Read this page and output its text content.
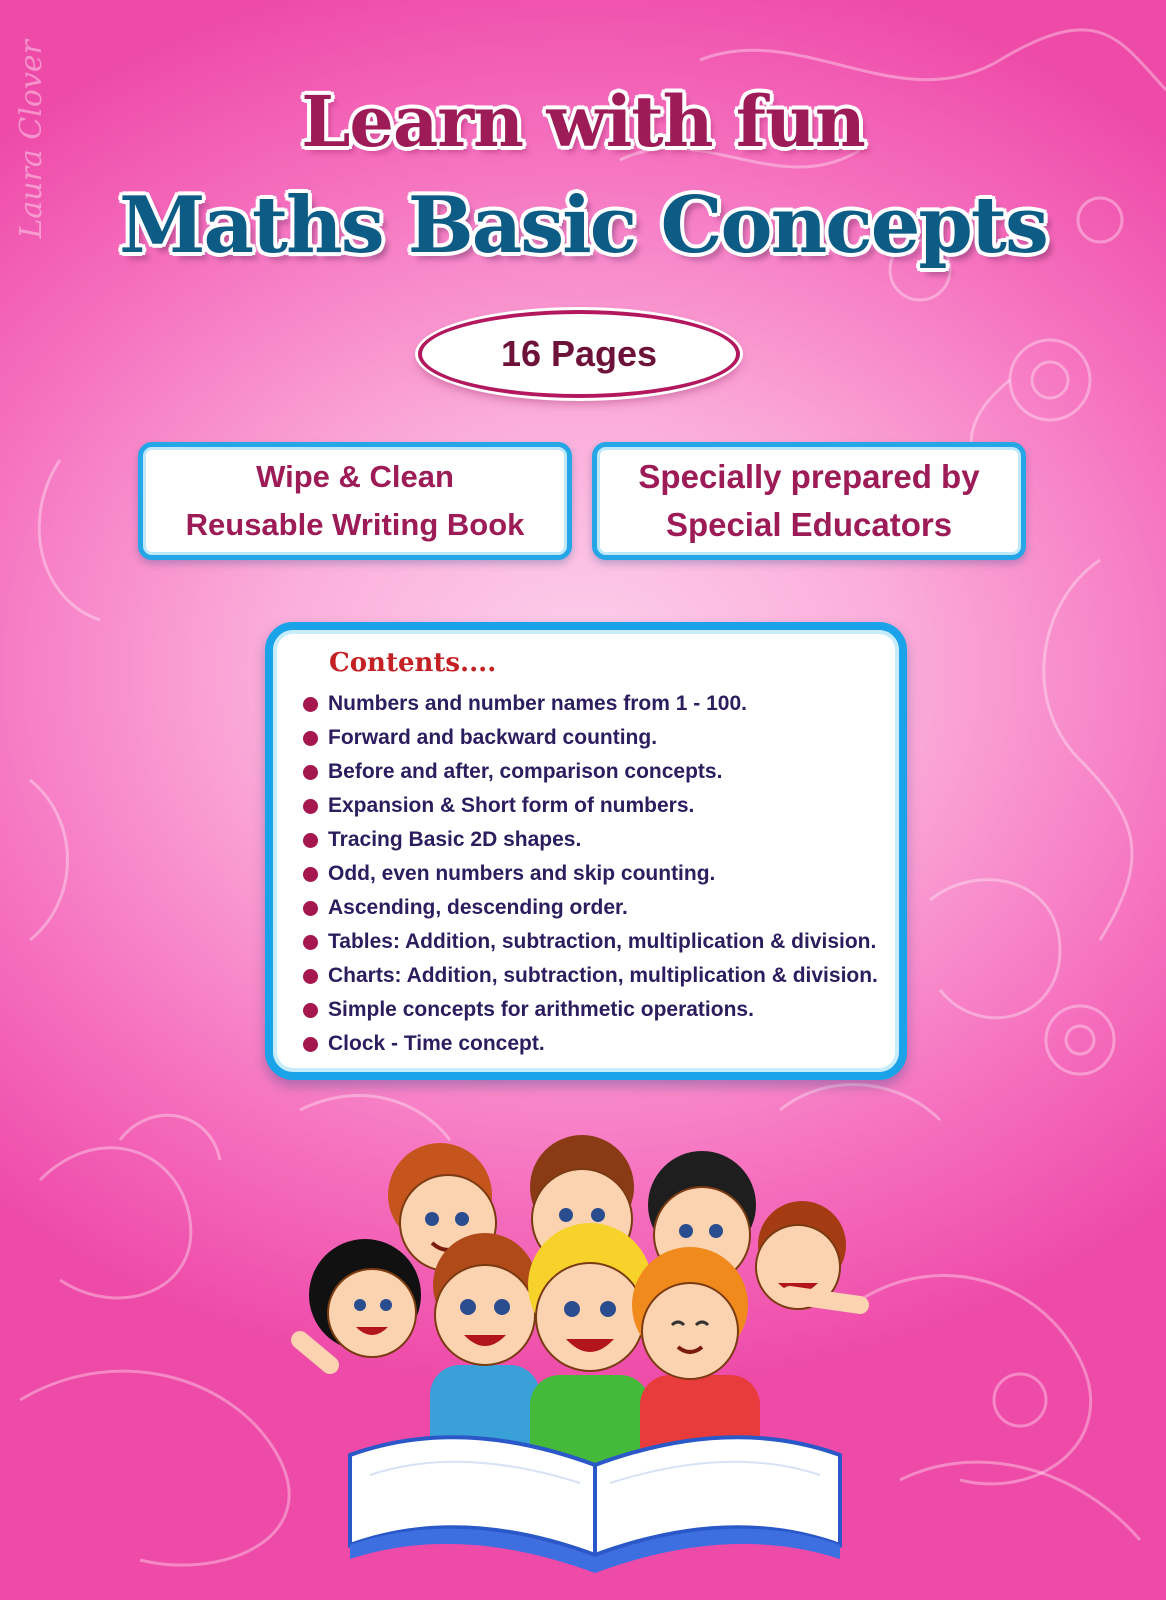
Laura Clover	Learn with fun
Maths Basic Concepts
16 Pages
Wipe & Clean
Reusable Writing Book
Specially prepared by
Special Educators
Contents....
Numbers and number names from 1 - 100.
Forward and backward counting.
Before and after, comparison concepts.
Expansion & Short form of numbers.
Tracing Basic 2D shapes.
Odd, even numbers and skip counting.
Ascending, descending order.
Tables: Addition, subtraction, multiplication & division.
Charts: Addition, subtraction, multiplication & division.
Simple concepts for arithmetic operations.
Clock - Time concept.
